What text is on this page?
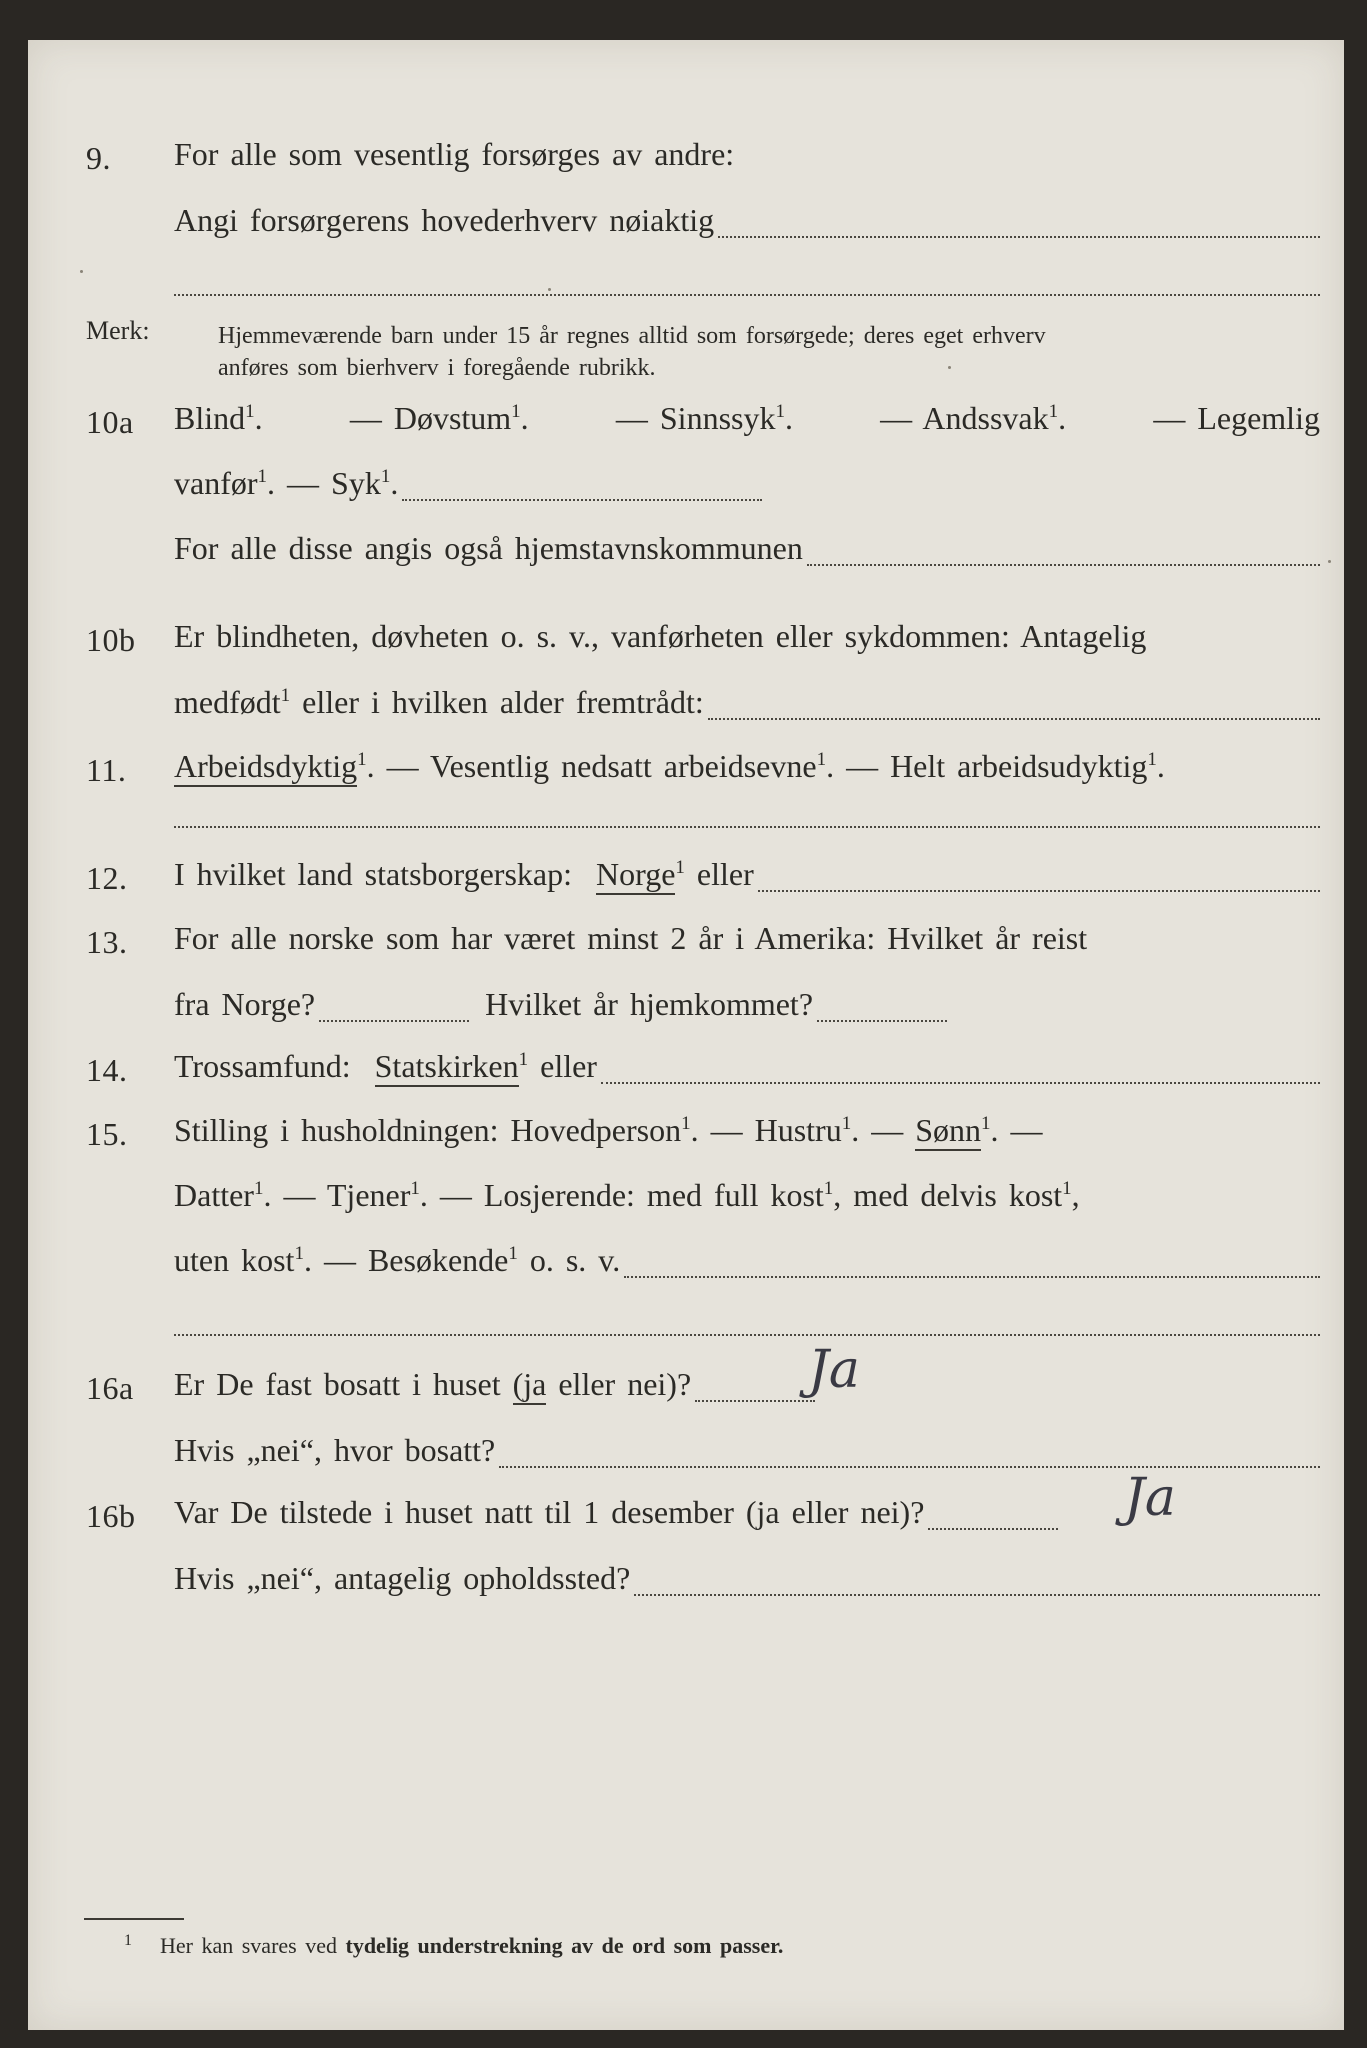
9. For alle som vesentlig forsørges av andre:
Angi forsørgerens hovederhverv nøiaktig
Merk:	Hjemmeværende barn under 15 år regnes alltid som forsørgede; deres eget erhverv
anføres som bierhverv i foregående rubrikk.
10a Blind$^1$.	— Døvstum$^1$.	— Sinnssyk$^1$.	— Andssvak$^1$.	— Legemlig
vanfør$^1$. — Syk$^1$.
For alle disse angis også hjemstavnskommunen
10b Er blindheten, døvheten o. s. v., vanførheten eller sykdommen: Antagelig
medfødt$^1$ eller i hvilken alder fremtrådt:
11. Arbeidsdyktig$^1$. — Vesentlig nedsatt arbeidsevne$^1$. — Helt arbeidsudyktig$^1$.
12. I hvilket land statsborgerskap: Norge$^1$ eller
13. For alle norske som har været minst 2 år i Amerika: Hvilket år reist
fra Norge?	Hvilket år hjemkommet?
14. Trossamfund: Statskirken$^1$ eller
15. Stilling i husholdningen: Hovedperson$^1$. — Hustru$^1$. — Sønn$^1$. —
Datter$^1$. — Tjener$^1$. — Losjerende: med full kost$^1$, med delvis kost$^1$,
uten kost$^1$. — Besøkende$^1$ o. s. v.
16a Er De fast bosatt i huset (ja eller nei)? Ja
Hvis „nei“, hvor bosatt?
16b Var De tilstede i huset natt til 1 desember (ja eller nei)?	Ja
Hvis „nei“, antagelig opholdssted?
$^1$ Her kan svares ved tydelig understrekning av de ord som passer.
